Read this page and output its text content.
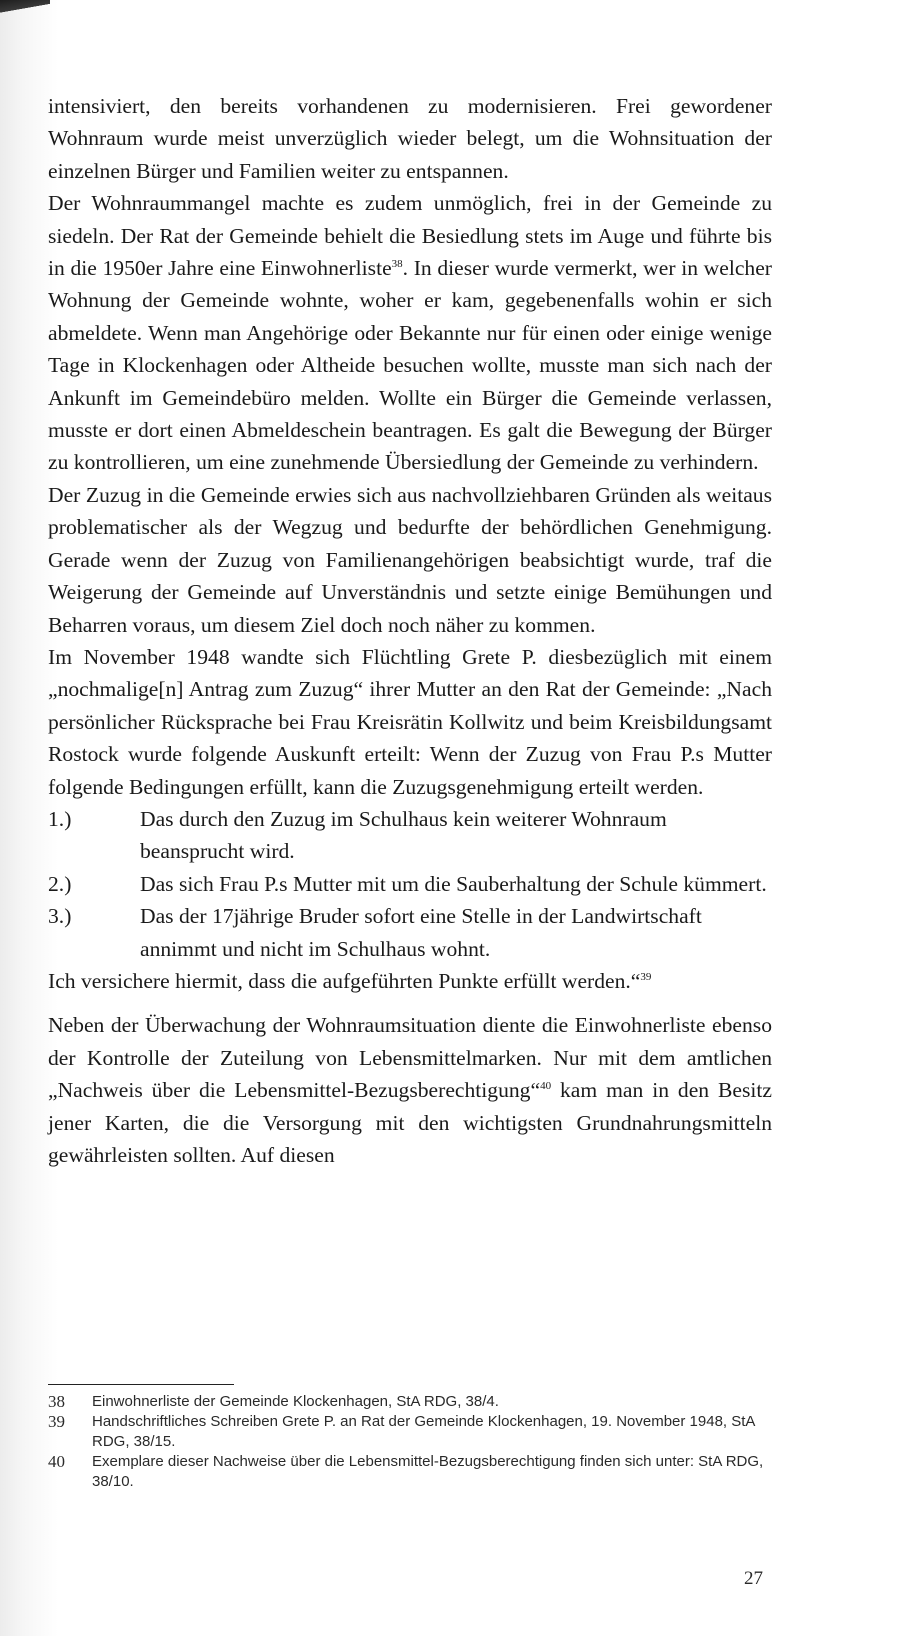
intensiviert, den bereits vorhandenen zu modernisieren. Frei gewordener Wohnraum wurde meist unverzüglich wieder belegt, um die Wohnsituation der einzelnen Bürger und Familien weiter zu entspannen.

Der Wohnraummangel machte es zudem unmöglich, frei in der Gemeinde zu siedeln. Der Rat der Gemeinde behielt die Besiedlung stets im Auge und führte bis in die 1950er Jahre eine Einwohnerliste$^{38}$. In dieser wurde vermerkt, wer in welcher Wohnung der Gemeinde wohnte, woher er kam, gegebenenfalls wohin er sich abmeldete. Wenn man Angehörige oder Bekannte nur für einen oder einige wenige Tage in Klockenhagen oder Altheide besuchen wollte, musste man sich nach der Ankunft im Gemeindebüro melden. Wollte ein Bürger die Gemeinde verlassen, musste er dort einen Abmeldeschein beantragen. Es galt die Bewegung der Bürger zu kontrollieren, um eine zunehmende Übersiedlung der Gemeinde zu verhindern.

Der Zuzug in die Gemeinde erwies sich aus nachvollziehbaren Gründen als weitaus problematischer als der Wegzug und bedurfte der behördlichen Genehmigung. Gerade wenn der Zuzug von Familienangehörigen beabsichtigt wurde, traf die Weigerung der Gemeinde auf Unverständnis und setzte einige Bemühungen und Beharren voraus, um diesem Ziel doch noch näher zu kommen.

Im November 1948 wandte sich Flüchtling Grete P. diesbezüglich mit einem „nochmalige[n] Antrag zum Zuzug“ ihrer Mutter an den Rat der Gemeinde: „Nach persönlicher Rücksprache bei Frau Kreisrätin Kollwitz und beim Kreisbildungsamt Rostock wurde folgende Auskunft erteilt: Wenn der Zuzug von Frau P.s Mutter folgende Bedingungen erfüllt, kann die Zuzugsgenehmigung erteilt werden.

1.)	Das durch den Zuzug im Schulhaus kein weiterer Wohnraum beansprucht wird.
2.)	Das sich Frau P.s Mutter mit um die Sauberhaltung der Schule kümmert.
3.)	Das der 17jährige Bruder sofort eine Stelle in der Landwirtschaft annimmt und nicht im Schulhaus wohnt.

Ich versichere hiermit, dass die aufgeführten Punkte erfüllt werden.“$^{39}$

Neben der Überwachung der Wohnraumsituation diente die Einwohnerliste ebenso der Kontrolle der Zuteilung von Lebensmittelmarken. Nur mit dem amtlichen „Nachweis über die Lebensmittel-Bezugsberechtigung“$^{40}$ kam man in den Besitz jener Karten, die die Versorgung mit den wichtigsten Grundnahrungsmitteln gewährleisten sollten. Auf diesen

38	Einwohnerliste der Gemeinde Klockenhagen, StA RDG, 38/4.
39	Handschriftliches Schreiben Grete P. an Rat der Gemeinde Klockenhagen, 19. November 1948, StA RDG, 38/15.
40	Exemplare dieser Nachweise über die Lebensmittel-Bezugsberechtigung finden sich unter: StA RDG, 38/10.
27
